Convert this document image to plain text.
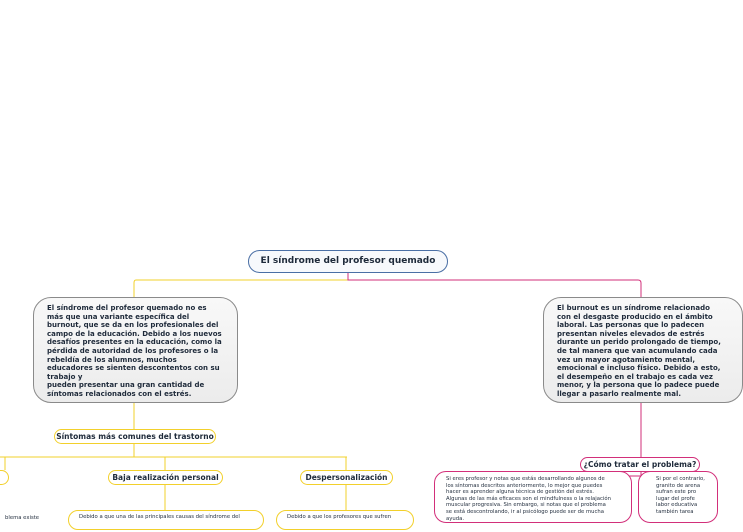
El síndrome del profesor quemado
El síndrome del profesor quemado no es
más que una variante específica del
burnout, que se da en los profesionales del
campo de la educación. Debido a los nuevos
desafíos presentes en la educación, como la
pérdida de autoridad de los profesores o la
rebeldía de los alumnos, muchos
educadores se sienten descontentos con su
trabajo y
pueden presentar una gran cantidad de
síntomas relacionados con el estrés.
El burnout es un síndrome relacionado
con el desgaste producido en el ámbito
laboral. Las personas que lo padecen
presentan niveles elevados de estrés
durante un perido prolongado de tiempo,
de tal manera que van acumulando cada
vez un mayor agotamiento mental,
emocional e incluso físico. Debido a esto,
el desempeño en el trabajo es cada vez
menor, y la persona que lo padece puede
llegar a pasarlo realmente mal.
Síntomas más comunes del trastorno
¿Cómo tratar el problema?
Baja realización personal	Despersonalización
blema existe	Debido a que una de las principales causas del síndrome del	Debido a que los profesores que sufren
Si eres profesor y notas que estás desarrollando algunos de
los síntomas descritos anteriormente, lo mejor que puedes
hacer es aprender alguna técnica de gestión del estrés.
Algunas de las más eficaces son el mindfulness o la relajación
muscular progresiva. Sin embargo, si notas que el problema
se está descontrolando, ir al psicólogo puede ser de mucha
ayuda.
Si por el contrario,
granito de arena
sufran este pro
lugar del profe
labor educativa
también tarea
